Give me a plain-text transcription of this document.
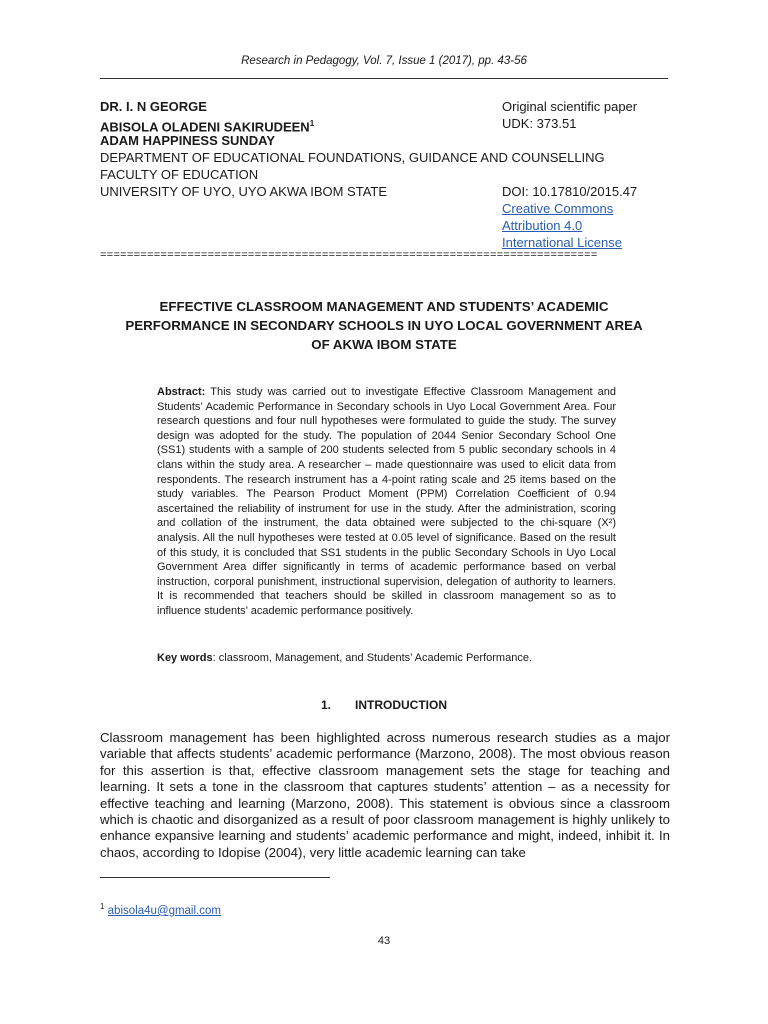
Research in Pedagogy, Vol. 7, Issue 1 (2017), pp. 43-56
DR. I. N GEORGE
ABISOLA OLADENI SAKIRUDEEN$^1$
ADAM HAPPINESS SUNDAY
DEPARTMENT OF EDUCATIONAL FOUNDATIONS, GUIDANCE AND COUNSELLING
FACULTY OF EDUCATION
UNIVERSITY OF UYO, UYO AKWA IBOM STATE
Original scientific paper
UDK: 373.51
DOI: 10.17810/2015.47
Creative Commons
Attribution 4.0
International License
==========================================================================
EFFECTIVE CLASSROOM MANAGEMENT AND STUDENTS’ ACADEMIC PERFORMANCE IN SECONDARY SCHOOLS IN UYO LOCAL GOVERNMENT AREA OF AKWA IBOM STATE
Abstract: This study was carried out to investigate Effective Classroom Management and Students’ Academic Performance in Secondary schools in Uyo Local Government Area. Four research questions and four null hypotheses were formulated to guide the study. The survey design was adopted for the study. The population of 2044 Senior Secondary School One (SS1) students with a sample of 200 students selected from 5 public secondary schools in 4 clans within the study area. A researcher – made questionnaire was used to elicit data from respondents. The research instrument has a 4-point rating scale and 25 items based on the study variables. The Pearson Product Moment (PPM) Correlation Coefficient of 0.94 ascertained the reliability of instrument for use in the study. After the administration, scoring and collation of the instrument, the data obtained were subjected to the chi-square (X²) analysis. All the null hypotheses were tested at 0.05 level of significance. Based on the result of this study, it is concluded that SS1 students in the public Secondary Schools in Uyo Local Government Area differ significantly in terms of academic performance based on verbal instruction, corporal punishment, instructional supervision, delegation of authority to learners. It is recommended that teachers should be skilled in classroom management so as to influence students’ academic performance positively.
Key words: classroom, Management, and Students’ Academic Performance.
1. INTRODUCTION
Classroom management has been highlighted across numerous research studies as a major variable that affects students’ academic performance (Marzono, 2008). The most obvious reason for this assertion is that, effective classroom management sets the stage for teaching and learning. It sets a tone in the classroom that captures students’ attention – as a necessity for effective teaching and learning (Marzono, 2008). This statement is obvious since a classroom which is chaotic and disorganized as a result of poor classroom management is highly unlikely to enhance expansive learning and students’ academic performance and might, indeed, inhibit it. In chaos, according to Idopise (2004), very little academic learning can take
$^1$ abisola4u@gmail.com
43
